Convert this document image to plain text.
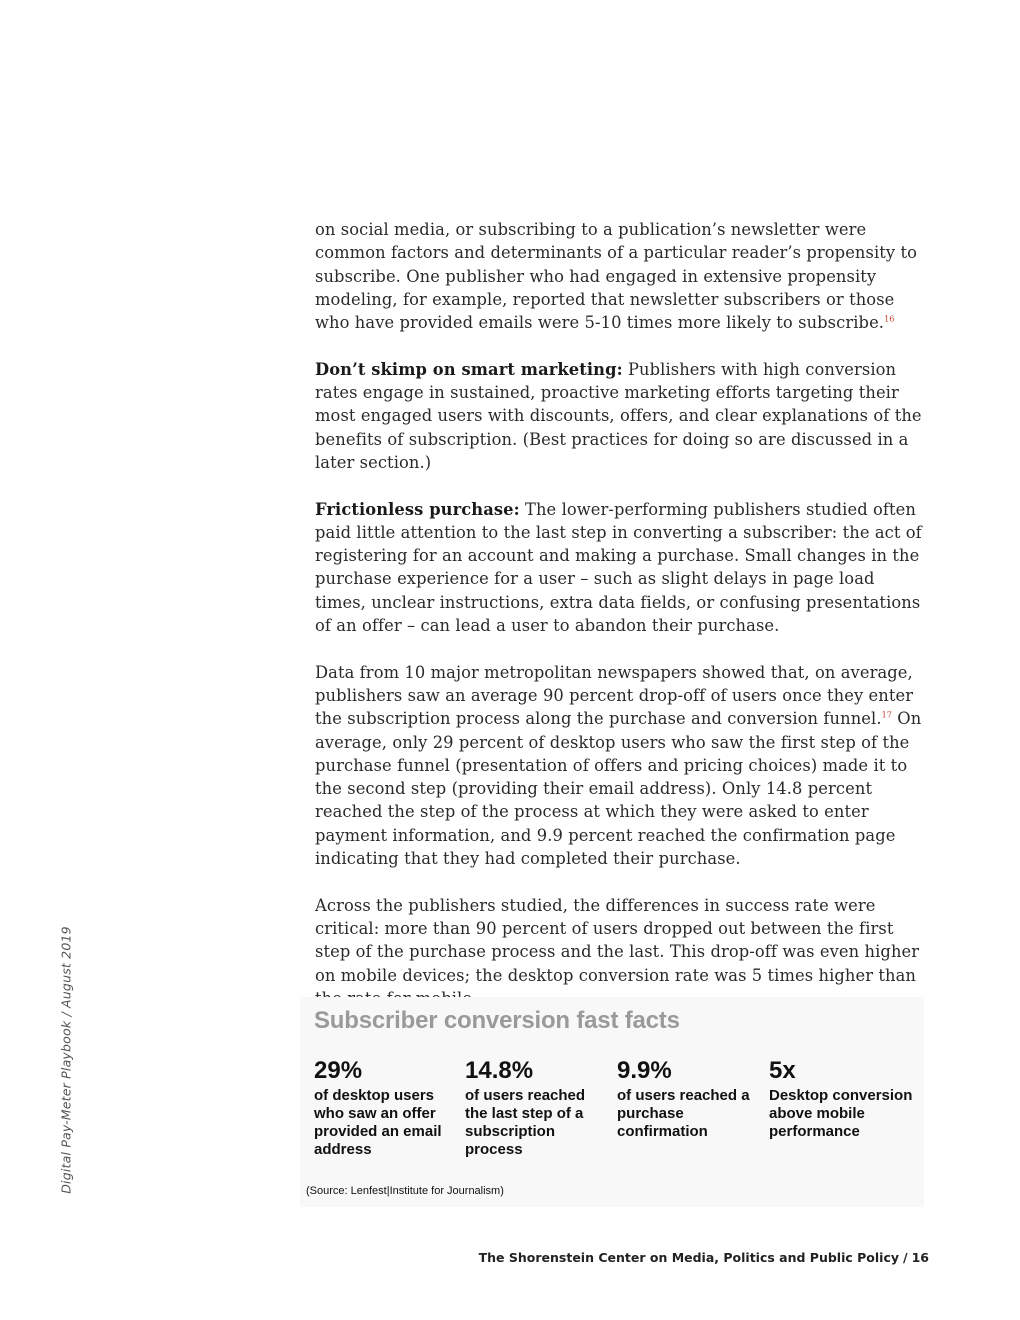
on social media, or subscribing to a publication’s newsletter were common factors and determinants of a particular reader’s propensity to subscribe. One publisher who had engaged in extensive propensity modeling, for example, reported that newsletter subscribers or those who have provided emails were 5-10 times more likely to subscribe.$^{16}$

Don’t skimp on smart marketing: Publishers with high conversion rates engage in sustained, proactive marketing efforts targeting their most engaged users with discounts, offers, and clear explanations of the benefits of subscription. (Best practices for doing so are discussed in a later section.)

Frictionless purchase: The lower-performing publishers studied often paid little attention to the last step in converting a subscriber: the act of registering for an account and making a purchase. Small changes in the purchase experience for a user – such as slight delays in page load times, unclear instructions, extra data fields, or confusing presentations of an offer – can lead a user to abandon their purchase.

Data from 10 major metropolitan newspapers showed that, on average, publishers saw an average 90 percent drop-off of users once they enter the subscription process along the purchase and conversion funnel.$^{17}$ On average, only 29 percent of desktop users who saw the first step of the purchase funnel (presentation of offers and pricing choices) made it to the second step (providing their email address). Only 14.8 percent reached the step of the process at which they were asked to enter payment information, and 9.9 percent reached the confirmation page indicating that they had completed their purchase.

Across the publishers studied, the differences in success rate were critical: more than 90 percent of users dropped out between the first step of the purchase process and the last. This drop-off was even higher on mobile devices; the desktop conversion rate was 5 times higher than

Subscriber conversion fast facts
29%
of desktop users who saw an offer provided an email address
14.8%
of users reached the last step of a subscription process
9.9%
of users reached a purchase confirmation
5x
Desktop conversion above mobile performance
(Source: Lenfest|Institute for Journalism)
Digital Pay-Meter Playbook / August 2019
The Shorenstein Center on Media, Politics and Public Policy / 16
